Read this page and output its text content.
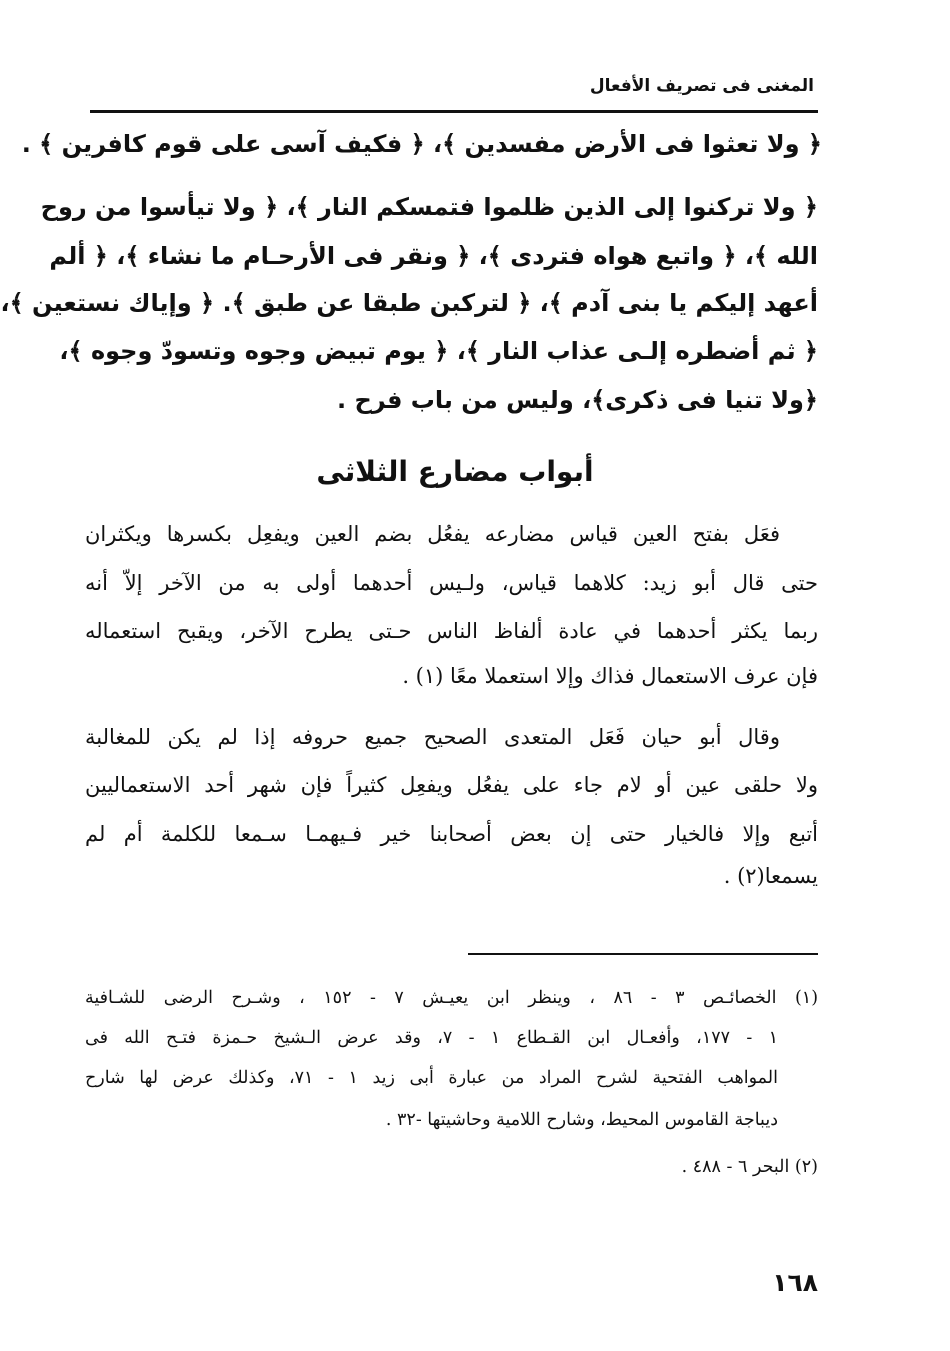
المغنى فى تصريف الأفعال
﴿ ولا تعثوا فى الأرض مفسدين ﴾، ﴿ فكيف آسى على قوم كافرين ﴾ .
﴿ ولا تركنوا إلى الذين ظلموا فتمسكم النار ﴾، ﴿ ولا تيأسوا من روح
الله ﴾، ﴿ واتبع هواه فتردى ﴾، ﴿ ونقر فى الأرحـام ما نشاء ﴾، ﴿ ألم
أعهد إليكم يا بنى آدم ﴾، ﴿ لتركبن طبقا عن طبق ﴾. ﴿ وإياك نستعين ﴾،
﴿ ثم أضطره إلـى عذاب النار ﴾، ﴿ يوم تبيض وجوه وتسودّ وجوه ﴾،
﴿ولا تنيا فى ذكرى﴾، وليس من باب فرح .
أبواب مضارع الثلاثى
فعَل بفتح العين قياس مضارعه يفعُل بضم العين ويفعِل بكسرها ويكثران
حتى قال أبو زيد: كلاهما قياس، ولـيس أحدهما أولى به من الآخر إلاّ أنه
ربما يكثر أحدهما في عادة ألفاظ الناس حـتى يطرح الآخر، ويقبح استعماله
فإن عرف الاستعمال فذاك وإلا استعملا معًا (١) .
وقال أبو حيان فَعَل المتعدى الصحيح جميع حروفه إذا لم يكن للمغالبة
ولا حلقى عين أو لام جاء على يفعُل ويفعِل كثيراً فإن شهر أحد الاستعماليين
أتبع وإلا فالخيار حتى إن بعض أصحابنا خير فـيهمـا سـمعا للكلمة أم لم
يسمعا(٢) .
(١) الخصائـص ٣ - ٨٦ ، وينظر ابن يعيـش ٧ - ١٥٢ ، وشـرح الرضى للشـافية
١ - ١٧٧، وأفعـال ابن القـطاع ١ - ٧، وقد عرض الـشيخ حـمزة فتـح الله فى
المواهب الفتحية لشرح المراد من عبارة أبى زيد ١ - ٧١، وكذلك عرض لها شارح
ديباجة القاموس المحيط، وشارح اللامية وحاشيتها -٣٢ .
(٢) البحر ٦ - ٤٨٨ .
١٦٨
